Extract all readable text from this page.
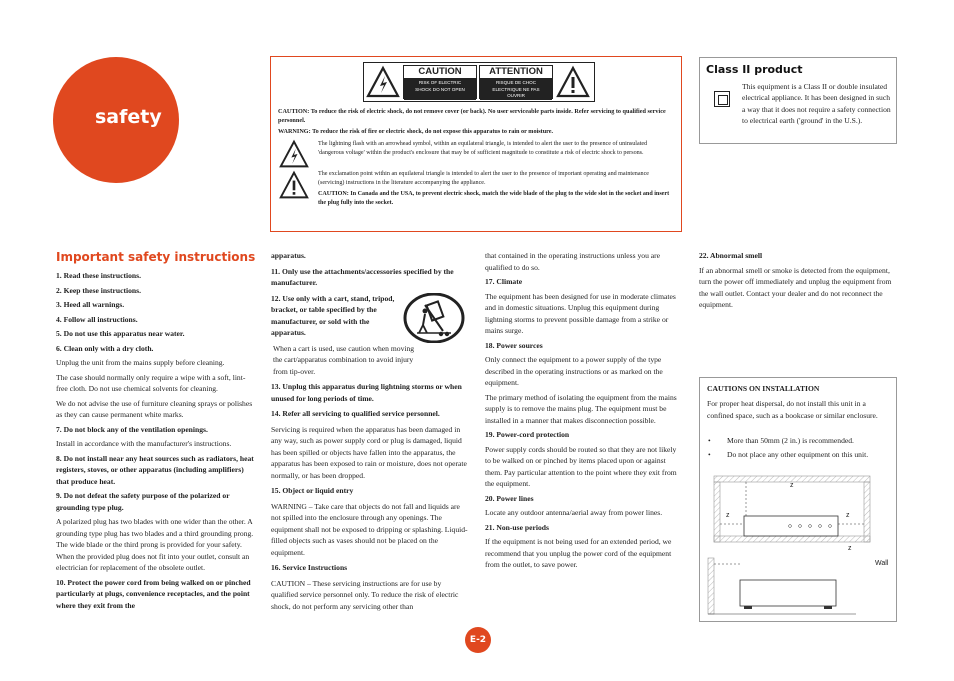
safety
CAUTION
RISK OF ELECTRIC SHOCK DO NOT OPEN
ATTENTION
RISQUE DE CHOC ELECTRIQUE NE PAS OUVRIR
CAUTION: To reduce the risk of electric shock, do not remove cover (or back). No user serviceable parts inside. Refer servicing to qualified service personnel.
WARNING: To reduce the risk of fire or electric shock, do not expose this apparatus to rain or moisture.
The lightning flash with an arrowhead symbol, within an equilateral triangle, is intended to alert the user to the presence of uninsulated 'dangerous voltage' within the product's enclosure that may be of sufficient magnitude to constitute a risk of electric shock to persons.
The exclamation point within an equilateral triangle is intended to alert the user to the presence of important operating and maintenance (servicing) instructions in the literature accompanying the appliance.
CAUTION: In Canada and the USA, to prevent electric shock, match the wide blade of the plug to the wide slot in the socket and insert the plug fully into the socket.
Class II product
This equipment is a Class II or double insulated electrical appliance. It has been designed in such a way that it does not require a safety connection to electrical earth ('ground' in the U.S.).

Important safety instructions

1. Read these instructions.

2. Keep these instructions.

3. Heed all warnings.

4. Follow all instructions.

5. Do not use this apparatus near water.

6. Clean only with a dry cloth.

Unplug the unit from the mains supply before cleaning.

The case should normally only require a wipe with a soft, lint-free cloth. Do not use chemical solvents for cleaning.

We do not advise the use of furniture cleaning sprays or polishes as they can cause permanent white marks.

7. Do not block any of the ventilation openings.

Install in accordance with the manufacturer's instructions.

8. Do not install near any heat sources such as radiators, heat registers, stoves, or other apparatus (including amplifiers) that produce heat.

9. Do not defeat the safety purpose of the polarized or grounding type plug.

A polarized plug has two blades with one wider than the other. A grounding type plug has two blades and a third grounding prong. The wide blade or the third prong is provided for your safety. When the provided plug does not fit into your outlet, consult an electrician for replacement of the obsolete outlet.

10. Protect the power cord from being walked on or pinched particularly at plugs, convenience receptacles, and the point where they exit from the

apparatus.

11. Only use the attachments/accessories specified by the manufacturer.

12. Use only with a cart, stand, tripod, bracket, or table specified by the manufacturer, or sold with the apparatus.

When a cart is used, use caution when moving the cart/apparatus combination to avoid injury from tip-over.

13. Unplug this apparatus during lightning storms or when unused for long periods of time.

14. Refer all servicing to qualified service personnel.

Servicing is required when the apparatus has been damaged in any way, such as power supply cord or plug is damaged, liquid has been spilled or objects have fallen into the apparatus, the apparatus has been exposed to rain or moisture, does not operate normally, or has been dropped.

15. Object or liquid entry

WARNING – Take care that objects do not fall and liquids are not spilled into the enclosure through any openings. The equipment shall not be exposed to dripping or splashing. Liquid-filled objects such as vases should not be placed on the equipment.

16. Service Instructions

CAUTION – These servicing instructions are for use by qualified service personnel only. To reduce the risk of electric shock, do not perform any servicing other than

that contained in the operating instructions unless you are qualified to do so.

17. Climate

The equipment has been designed for use in moderate climates and in domestic situations. Unplug this equipment during lightning storms to prevent possible damage from a strike or mains surge.

18. Power sources

Only connect the equipment to a power supply of the type described in the operating instructions or as marked on the equipment.

The primary method of isolating the equipment from the mains supply is to remove the mains plug. The equipment must be installed in a manner that makes disconnection possible.

19. Power-cord protection

Power supply cords should be routed so that they are not likely to be walked on or pinched by items placed upon or against them. Pay particular attention to the point where they exit from the equipment.

20. Power lines

Locate any outdoor antenna/aerial away from power lines.

21. Non-use periods

If the equipment is not being used for an extended period, we recommend that you unplug the power cord of the equipment from the outlet, to save power.

22. Abnormal smell

If an abnormal smell or smoke is detected from the equipment, turn the power off immediately and unplug the equipment from the wall outlet. Contact your dealer and do not reconnect the equipment.

CAUTIONS ON INSTALLATION
For proper heat dispersal, do not install this unit in a confined space, such as a bookcase or similar enclosure.
• More than 50mm (2 in.) is recommended.
• Do not place any other equipment on this unit.
z
z	z
z
Wall
E-2
